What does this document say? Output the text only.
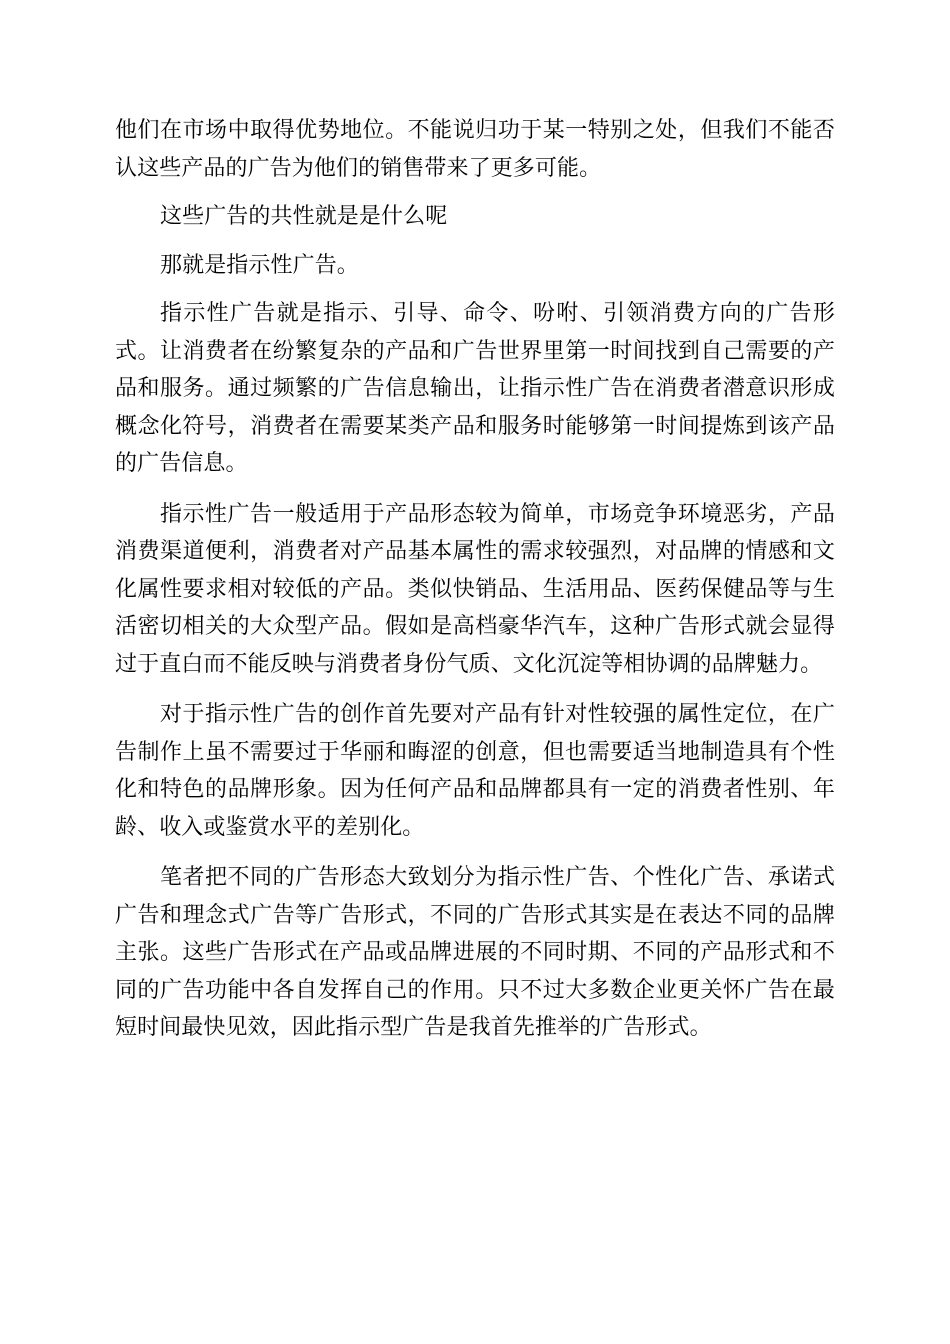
他们在市场中取得优势地位。不能说归功于某一特别之处，但我们不能否认这些产品的广告为他们的销售带来了更多可能。

这些广告的共性就是是什么呢

那就是指示性广告。

指示性广告就是指示、引导、命令、吩咐、引领消费方向的广告形式。让消费者在纷繁复杂的产品和广告世界里第一时间找到自己需要的产品和服务。通过频繁的广告信息输出，让指示性广告在消费者潜意识形成概念化符号，消费者在需要某类产品和服务时能够第一时间提炼到该产品的广告信息。

指示性广告一般适用于产品形态较为简单，市场竞争环境恶劣，产品消费渠道便利，消费者对产品基本属性的需求较强烈，对品牌的情感和文化属性要求相对较低的产品。类似快销品、生活用品、医药保健品等与生活密切相关的大众型产品。假如是高档豪华汽车，这种广告形式就会显得过于直白而不能反映与消费者身份气质、文化沉淀等相协调的品牌魅力。

对于指示性广告的创作首先要对产品有针对性较强的属性定位，在广告制作上虽不需要过于华丽和晦涩的创意，但也需要适当地制造具有个性化和特色的品牌形象。因为任何产品和品牌都具有一定的消费者性别、年龄、收入或鉴赏水平的差别化。

笔者把不同的广告形态大致划分为指示性广告、个性化广告、承诺式广告和理念式广告等广告形式，不同的广告形式其实是在表达不同的品牌主张。这些广告形式在产品或品牌进展的不同时期、不同的产品形式和不同的广告功能中各自发挥自己的作用。只不过大多数企业更关怀广告在最短时间最快见效，因此指示型广告是我首先推举的广告形式。
